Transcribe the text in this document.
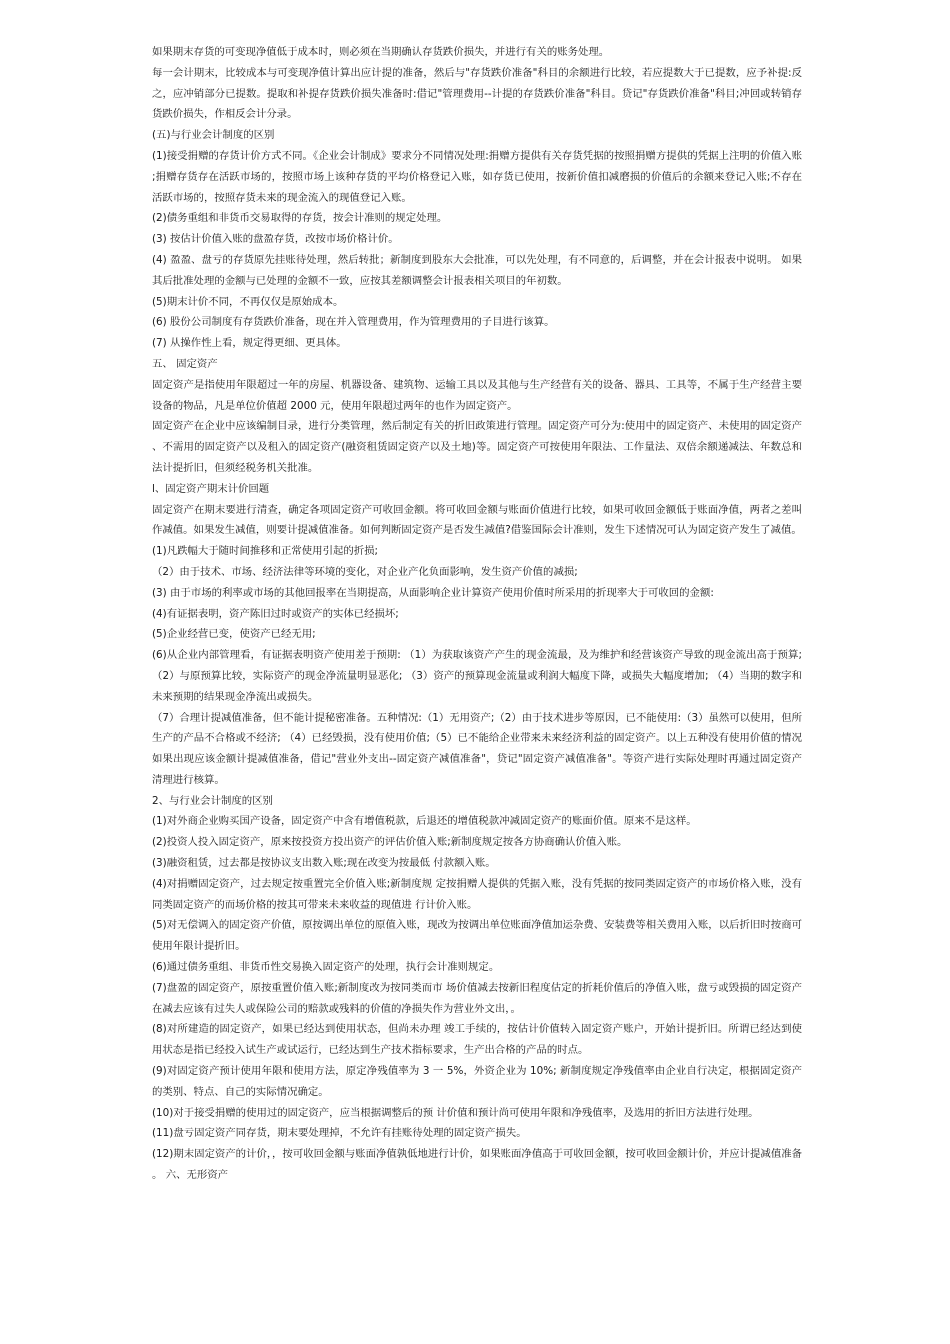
如果期末存货的可变现净值低于成本时，则必须在当期确认存货跌价损失，并进行有关的账务处理。

每一会计期末，比较成本与可变现净值计算出应计提的准备，然后与"存货跌价准备"科目的余额进行比较，若应提数大于已提数，应予补提:反之，应冲销部分已提数。提取和补提存货跌价损失准备时:借记"管理费用--计提的存货跌价准备"科目。贷记"存货跌价准备"科目;冲回或转销存货跌价损失，作相反会计分录。

(五)与行业会计制度的区别

(1)接受捐赠的存货计价方式不同。《企业会计制成》要求分不同情况处理:捐赠方提供有关存货凭据的按照捐赠方提供的凭据上注明的价值入账;捐赠存货存在活跃市场的，按照市场上该种存货的平均价格登记入账，如存货已使用，按新价值扣减磨损的价值后的余额来登记入账;不存在活跃市场的，按照存货未来的现金流入的现值登记入账。

(2)债务重组和非货币交易取得的存货，按会计准则的规定处理。

(3) 按估计价值入账的盘盈存货，改按市场价格计价。

(4) 盈盈、盘亏的存货原先挂账待处理，然后转批；新制度到股东大会批准，可以先处理，有不同意的，后调整，并在会计报表中说明。 如果其后批准处理的金额与已处理的金额不一致，应按其差额调整会计报表相关项目的年初数。

(5)期末计价不同，不再仅仅是原始成本。

(6) 股份公司制度有存货跌价准备，现在并入管理费用，作为管理费用的子目进行该算。

(7) 从操作性上看，规定得更细、更具体。

五、 固定资产

固定资产是指使用年限超过一年的房屋、机器设备、建筑物、运输工具以及其他与生产经营有关的设备、器具、工具等，不属于生产经营主要设备的物品，凡是单位价值超 2000 元，使用年限超过两年的也作为固定资产。

固定资产在企业中应该编制目录，进行分类管理，然后制定有关的折旧政策进行管理。固定资产可分为:使用中的固定资产、未使用的固定资产、不需用的固定资产以及租入的固定资产(融资租赁固定资产以及土地)等。固定资产可按使用年限法、工作量法、双倍余额递减法、年数总和法计提折旧，但须经税务机关批准。

l、固定资产期末计价回题

固定资产在期末要进行清查，确定各项固定资产可收回金额。将可收回金额与账面价值进行比较，如果可收回金额低于账面净值，两者之差叫作减值。如果发生减值，则要计提减值准备。如何判断固定资产是否发生减值?借鉴国际会计准则，发生下述情况可认为固定资产发生了减值。

(1)凡跌幅大于随时间推移和正常使用引起的折损;

（2）由于技术、市场、经济法律等环境的变化，对企业产化负面影响，发生资产价值的减损;

(3) 由于市场的利率或市场的其他回报率在当期提高，从面影响企业计算资产使用价值时所采用的折现率大于可收回的金额:

(4)有证据表明，资产陈旧过时或资产的实体已经损坏;

(5)企业经营已变，使资产已经无用;

(6)从企业内部管理看，有证据表明资产使用差于预期: （1）为获取该资产产生的现金流最，及为维护和经营该资产导致的现金流出高于预算; （2）与原预算比较，实际资产的现金净流量明显恶化; （3）资产的预算现金流量或利润大幅度下降，或损失大幅度增加; （4）当期的数字和未来预期的结果现金净流出或损失。

（7）合理计提减值准备，但不能计提秘密准备。五种情况:（1）无用资产;（2）由于技术进步等原因，已不能使用:（3）虽然可以使用，但所生产的产品不合格或不经济; （4）已经毁损，没有使用价值;（5）已不能给企业带来未来经济利益的固定资产。以上五种没有使用价值的情况如果出现应该金额计提减值准备，借记"营业外支出--固定资产减值准备"，贷记"固定资产减值准备"。等资产进行实际处理时再通过固定资产清理进行核算。

2、与行业会计制度的区别

(1)对外商企业购买国产设备，固定资产中含有增值税款，后退还的增值税款冲减固定资产的账面价值。原来不是这样。

(2)投资人投入固定资产，原来按投资方投出资产的评估价值入账;新制度规定按各方协商确认价值入账。

(3)融资租赁，过去都是按协议支出数入账;现在改变为按最低 付款额入账。

(4)对捐赠固定资产，过去规定按重置完全价值入账;新制度规 定按捐赠人提供的凭据入账，没有凭据的按同类固定资产的市场价格入账，没有同类固定资产的而场价格的按其可带来未来收益的现值进 行计价入账。

(5)对无偿调入的固定资产价值，原按调出单位的原值入账，现改为按调出单位账面净值加运杂费、安装费等相关费用入账，以后折旧时按商可使用年限计提折旧。

(6)通过债务重组、非货币性交易换入固定资产的处理，执行会计准则规定。

(7)盘盈的固定资产，原按重置价值入账;新制度改为按同类而市 场价值减去按新旧程度估定的折耗价值后的净值入账，盘亏或毁损的固定资产在减去应该有过失人或保险公司的赔款或残料的价值的净损失作为营业外文出，。

(8)对所建造的固定资产，如果已经达到使用状态，但尚未办理 竣工手续的，按估计价值转入固定资产账户，开始计提折旧。所谓已经达到使用状态是指已经投入试生产或试运行，已经达到生产技术指标要求，生产出合格的产品的时点。

(9)对固定资产预计使用年限和使用方法，原定净残值率为 3 一 5%，外资企业为 10%; 新制度规定净残值率由企业自行决定，根据固定资产的类别、特点、自己的实际情况确定。

(10)对于接受捐赠的使用过的固定资产，应当根据调整后的预 计价值和预计尚可使用年限和净残值率，及选用的折旧方法进行处理。

(11)盘亏固定资产同存货，期末要处理掉，不允许有挂账待处理的固定资产损失。

(12)期末固定资产的计价，，按可收回金额与账面净值孰低地进行计价，如果账面净值高于可收回金额，按可收回金额计价，并应计提减值准备。 六、无形资产
